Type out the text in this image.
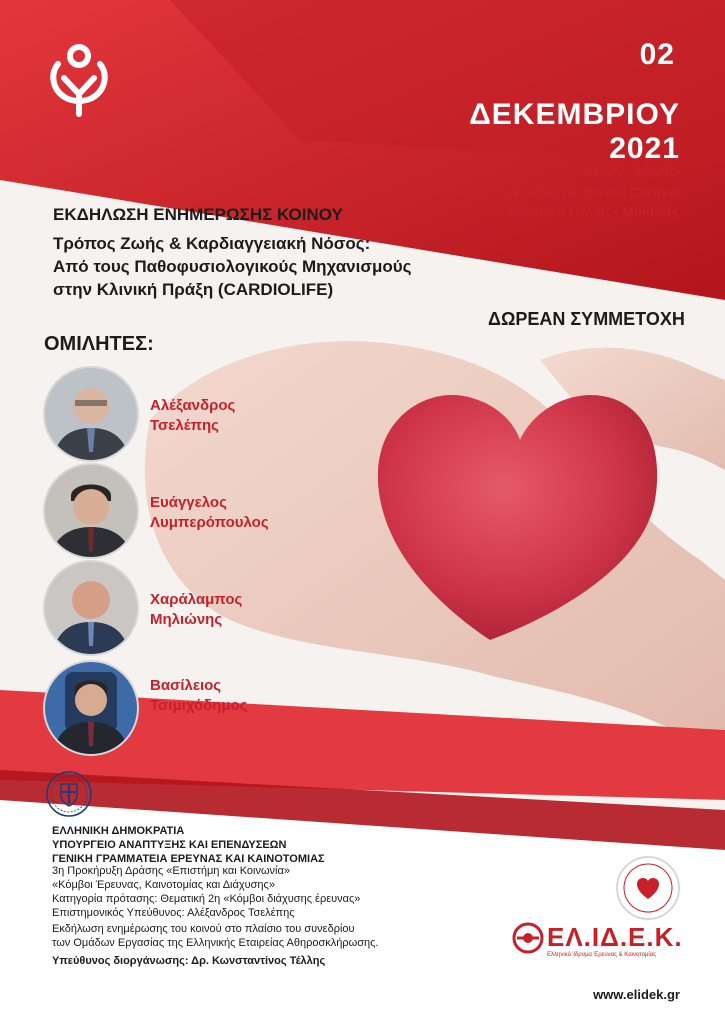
02
ΔΕΚΕΜΒΡΙΟΥ 2021
14.00-15.45
Ξενοδοχείο Divani Caravel
Αίθουσα Πέλλα - Μυκήνες
ΕΚΔΗΛΩΣΗ ΕΝΗΜΕΡΩΣΗΣ ΚΟΙΝΟΥ
Τρόπος Ζωής & Καρδιαγγειακή Νόσος:
Από τους Παθοφυσιολογικούς Μηχανισμούς
στην Κλινική Πράξη (CARDIOLIFE)
ΔΩΡΕΑΝ ΣΥΜΜΕΤΟΧΗ
ΟΜΙΛΗΤΕΣ:
Αλέξανδρος
Τσελέπης
Ευάγγελος
Λυμπερόπουλος
Χαράλαμπος
Μηλιώνης
Βασίλειος
Τσιμιχόδημος
ΕΛΛΗΝΙΚΗ ΔΗΜΟΚΡΑΤΙΑ
ΥΠΟΥΡΓΕΙΟ ΑΝΑΠΤΥΞΗΣ ΚΑΙ ΕΠΕΝΔΥΣΕΩΝ
ΓΕΝΙΚΗ ΓΡΑΜΜΑΤΕΙΑ ΕΡΕΥΝΑΣ ΚΑΙ ΚΑΙΝΟΤΟΜΙΑΣ
3η Προκήρυξη Δράσης «Επιστήμη και Κοινωνία»
«Κόμβοι Έρευνας, Καινοτομίας και Διάχυσης»
Κατηγορία πρότασης: Θεματική 2η «Κόμβοι διάχυσης έρευνας»
Επιστημονικός Υπεύθυνος: Αλέξανδρος Τσελέπης
Εκδήλωση ενημέρωσης του κοινού στο πλαίσιο του συνεδρίου
των Ομάδων Εργασίας της Ελληνικής Εταιρείας Αθηροσκλήρωσης.
Υπεύθυνος διοργάνωσης: Δρ. Κωνσταντίνος Τέλλης
ΕΛ.ΙΔ.Ε.Κ.
Ελληνικό Ίδρυμα Έρευνας & Καινοτομίας
www.elidek.gr
